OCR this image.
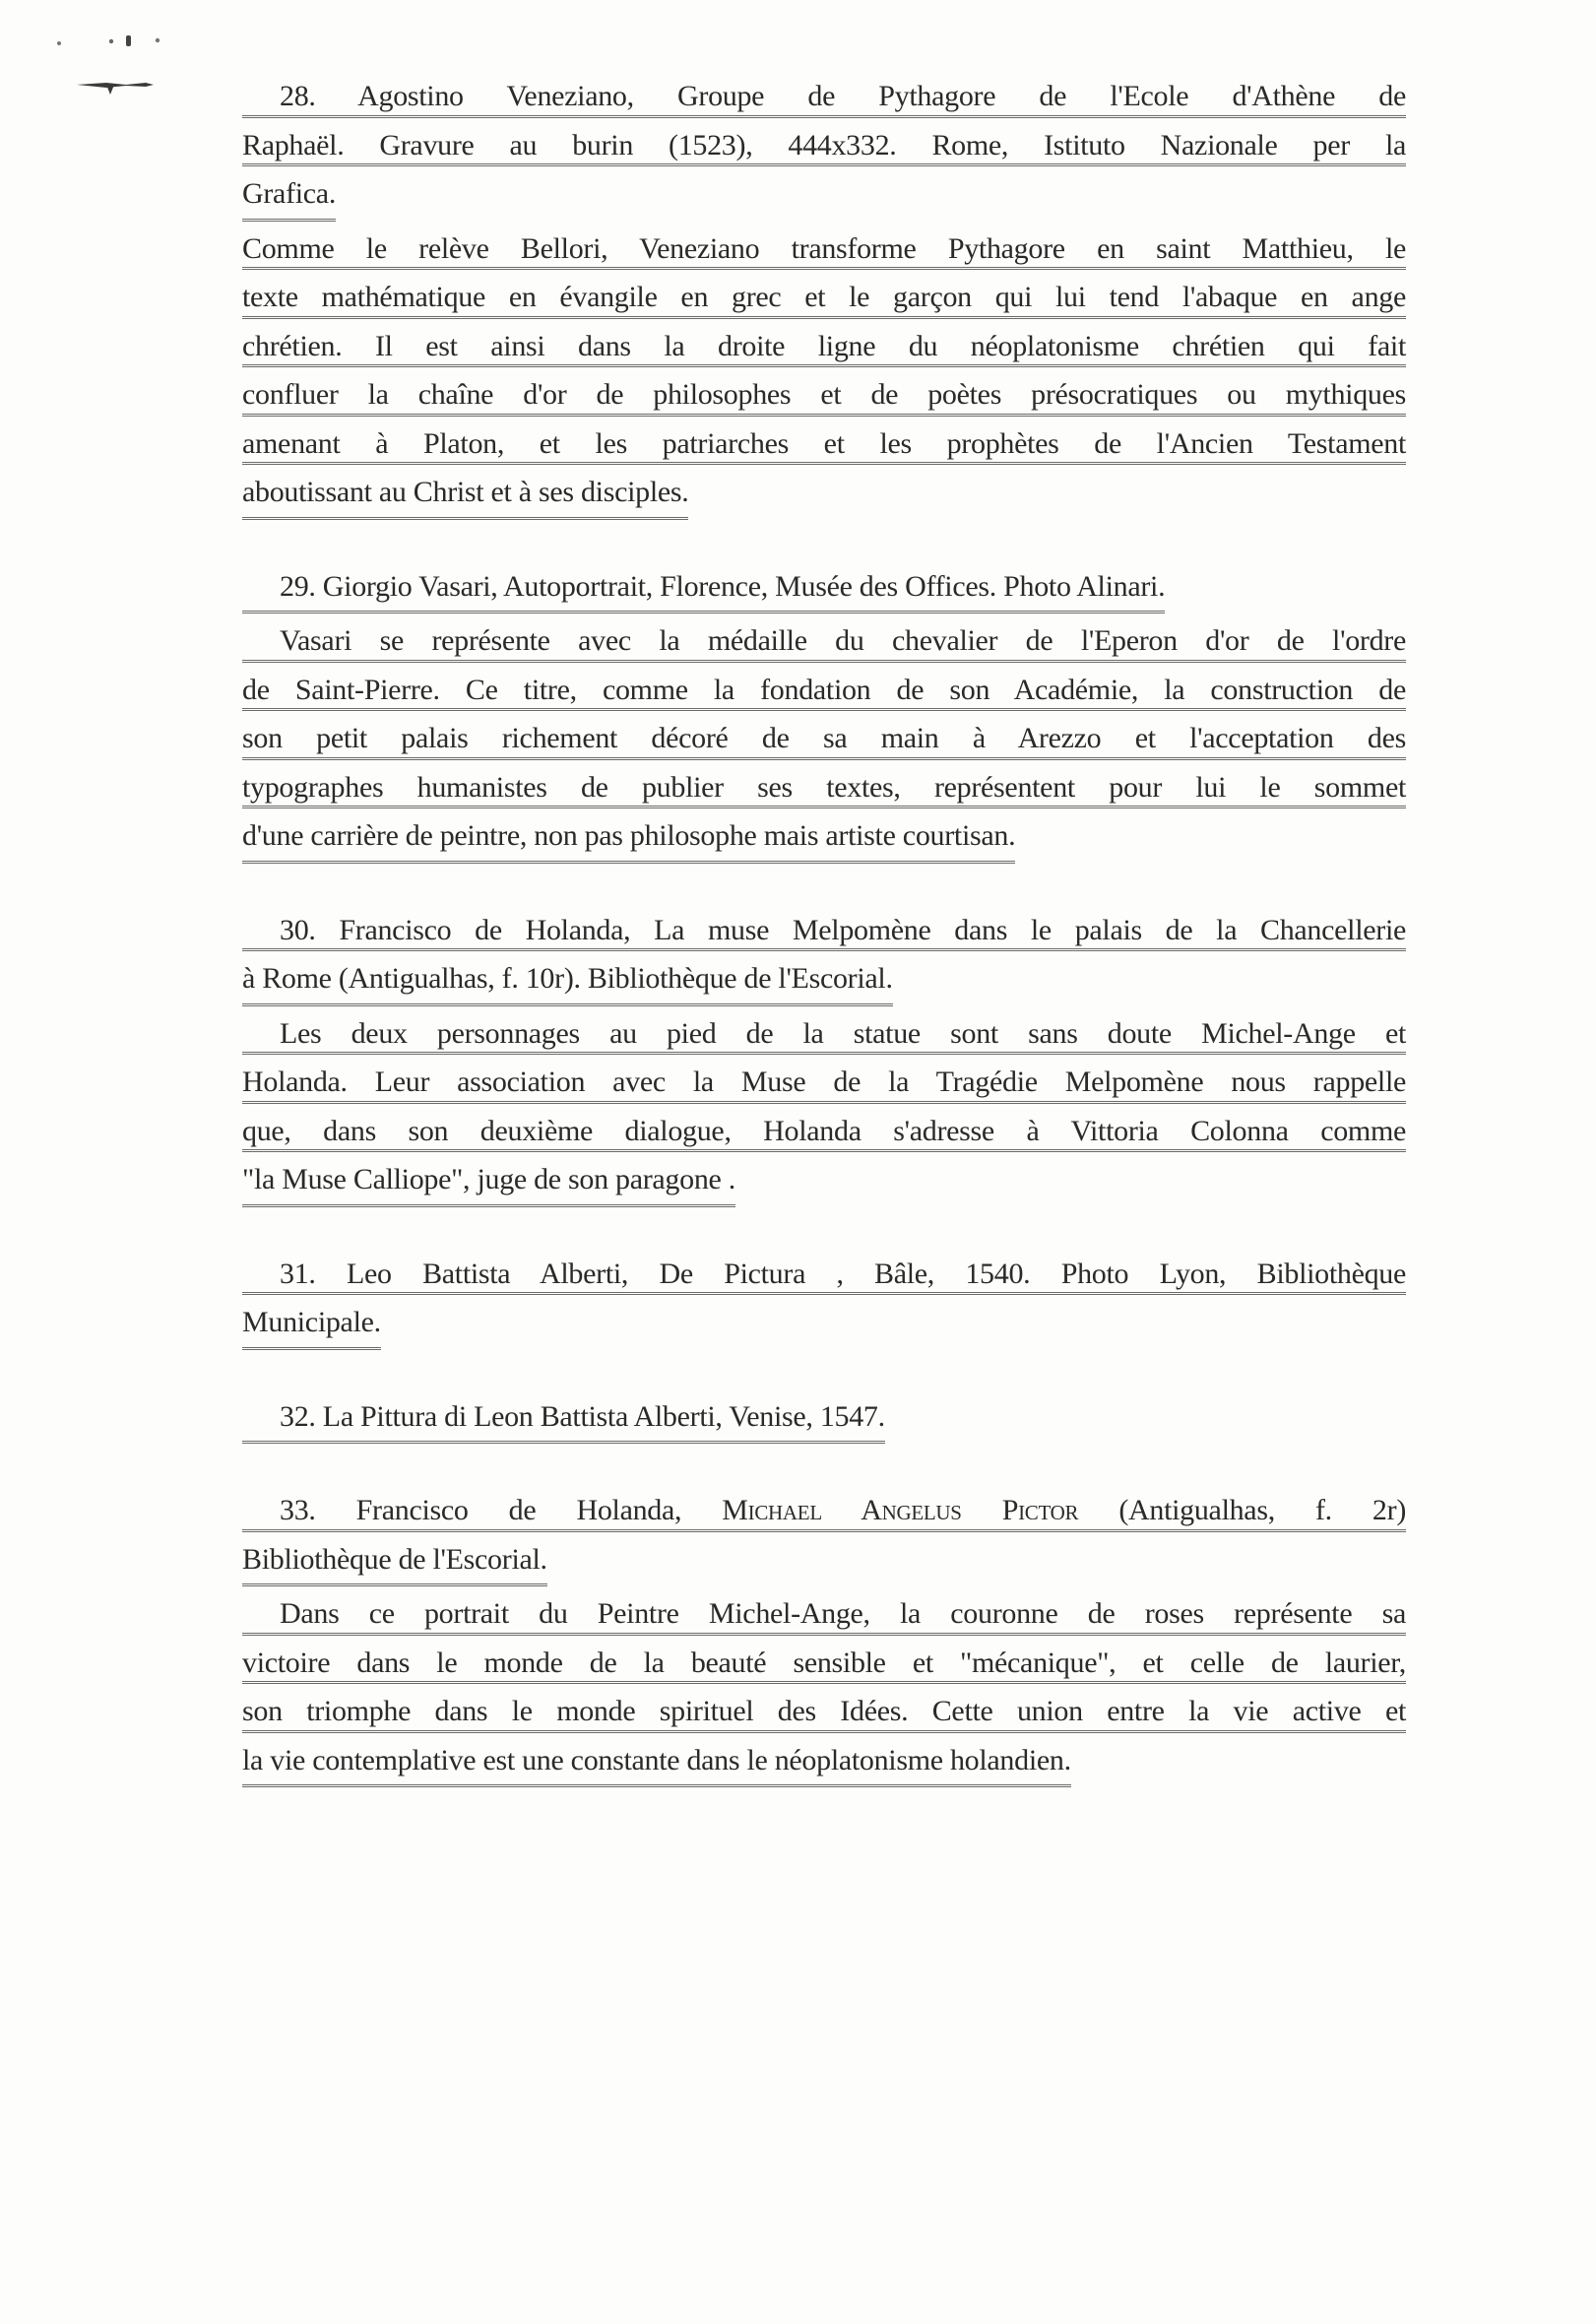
28. Agostino Veneziano, Groupe de Pythagore de l'Ecole d'Athène de
Raphaël. Gravure au burin (1523), 444x332. Rome, Istituto Nazionale per la
Grafica.
Comme le relève Bellori, Veneziano transforme Pythagore en saint Matthieu, le
texte mathématique en évangile en grec et le garçon qui lui tend l'abaque en ange
chrétien. Il est ainsi dans la droite ligne du néoplatonisme chrétien qui fait
confluer la chaîne d'or de philosophes et de poètes présocratiques ou mythiques
amenant à Platon, et les patriarches et les prophètes de l'Ancien Testament
aboutissant au Christ et à ses disciples.
29. Giorgio Vasari, Autoportrait, Florence, Musée des Offices. Photo Alinari.
Vasari se représente avec la médaille du chevalier de l'Eperon d'or de l'ordre
de Saint-Pierre. Ce titre, comme la fondation de son Académie, la construction de
son petit palais richement décoré de sa main à Arezzo et l'acceptation des
typographes humanistes de publier ses textes, représentent pour lui le sommet
d'une carrière de peintre, non pas philosophe mais artiste courtisan.
30. Francisco de Holanda, La muse Melpomène dans le palais de la Chancellerie
à Rome (Antigualhas, f. 10r). Bibliothèque de l'Escorial.
Les deux personnages au pied de la statue sont sans doute Michel-Ange et
Holanda. Leur association avec la Muse de la Tragédie Melpomène nous rappelle
que, dans son deuxième dialogue, Holanda s'adresse à Vittoria Colonna comme
"la Muse Calliope", juge de son paragone .
31. Leo Battista Alberti, De Pictura , Bâle, 1540. Photo Lyon, Bibliothèque
Municipale.
32. La Pittura di Leon Battista Alberti, Venise, 1547.
33. Francisco de Holanda, Michael Angelus Pictor (Antigualhas, f. 2r)
Bibliothèque de l'Escorial.
Dans ce portrait du Peintre Michel-Ange, la couronne de roses représente sa
victoire dans le monde de la beauté sensible et "mécanique", et celle de laurier,
son triomphe dans le monde spirituel des Idées. Cette union entre la vie active et
la vie contemplative est une constante dans le néoplatonisme holandien.
